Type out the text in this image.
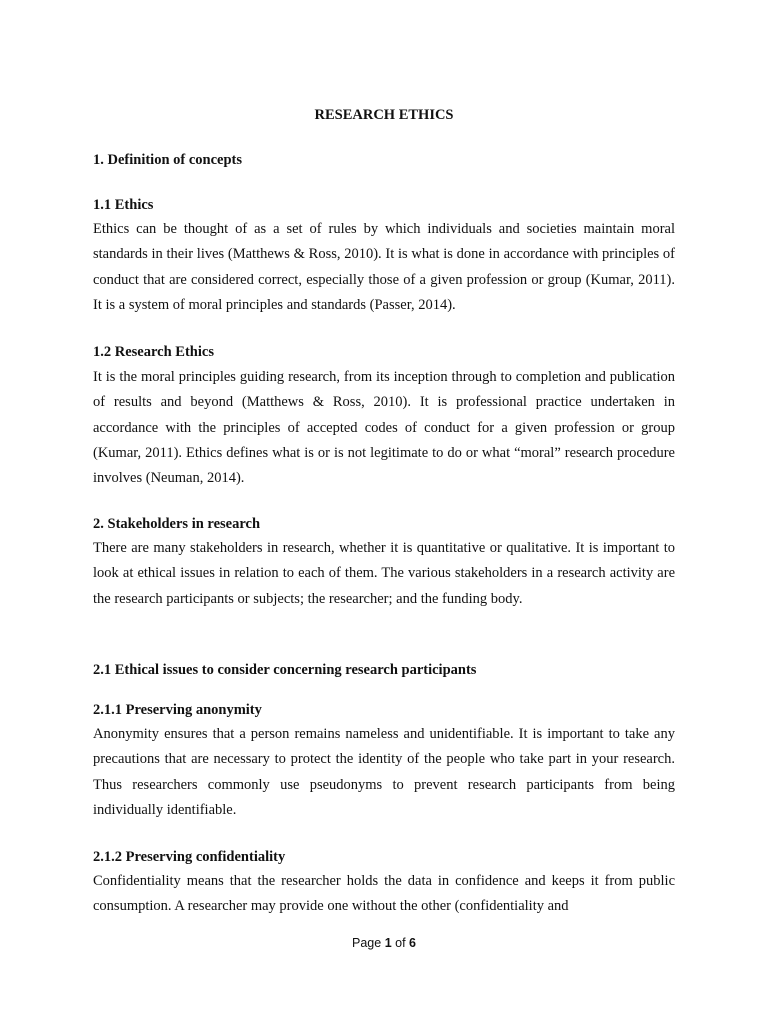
RESEARCH ETHICS
1. Definition of concepts
1.1 Ethics
Ethics can be thought of as a set of rules by which individuals and societies maintain moral standards in their lives (Matthews & Ross, 2010). It is what is done in accordance with principles of conduct that are considered correct, especially those of a given profession or group (Kumar, 2011). It is a system of moral principles and standards (Passer, 2014).
1.2 Research Ethics
It is the moral principles guiding research, from its inception through to completion and publication of results and beyond (Matthews & Ross, 2010). It is professional practice undertaken in accordance with the principles of accepted codes of conduct for a given profession or group (Kumar, 2011). Ethics defines what is or is not legitimate to do or what “moral” research procedure involves (Neuman, 2014).
2. Stakeholders in research
There are many stakeholders in research, whether it is quantitative or qualitative. It is important to look at ethical issues in relation to each of them. The various stakeholders in a research activity are the research participants or subjects; the researcher; and the funding body.
2.1 Ethical issues to consider concerning research participants
2.1.1 Preserving anonymity
Anonymity ensures that a person remains nameless and unidentifiable. It is important to take any precautions that are necessary to protect the identity of the people who take part in your research. Thus researchers commonly use pseudonyms to prevent research participants from being individually identifiable.
2.1.2 Preserving confidentiality
Confidentiality means that the researcher holds the data in confidence and keeps it from public consumption. A researcher may provide one without the other (confidentiality and
Page 1 of 6
